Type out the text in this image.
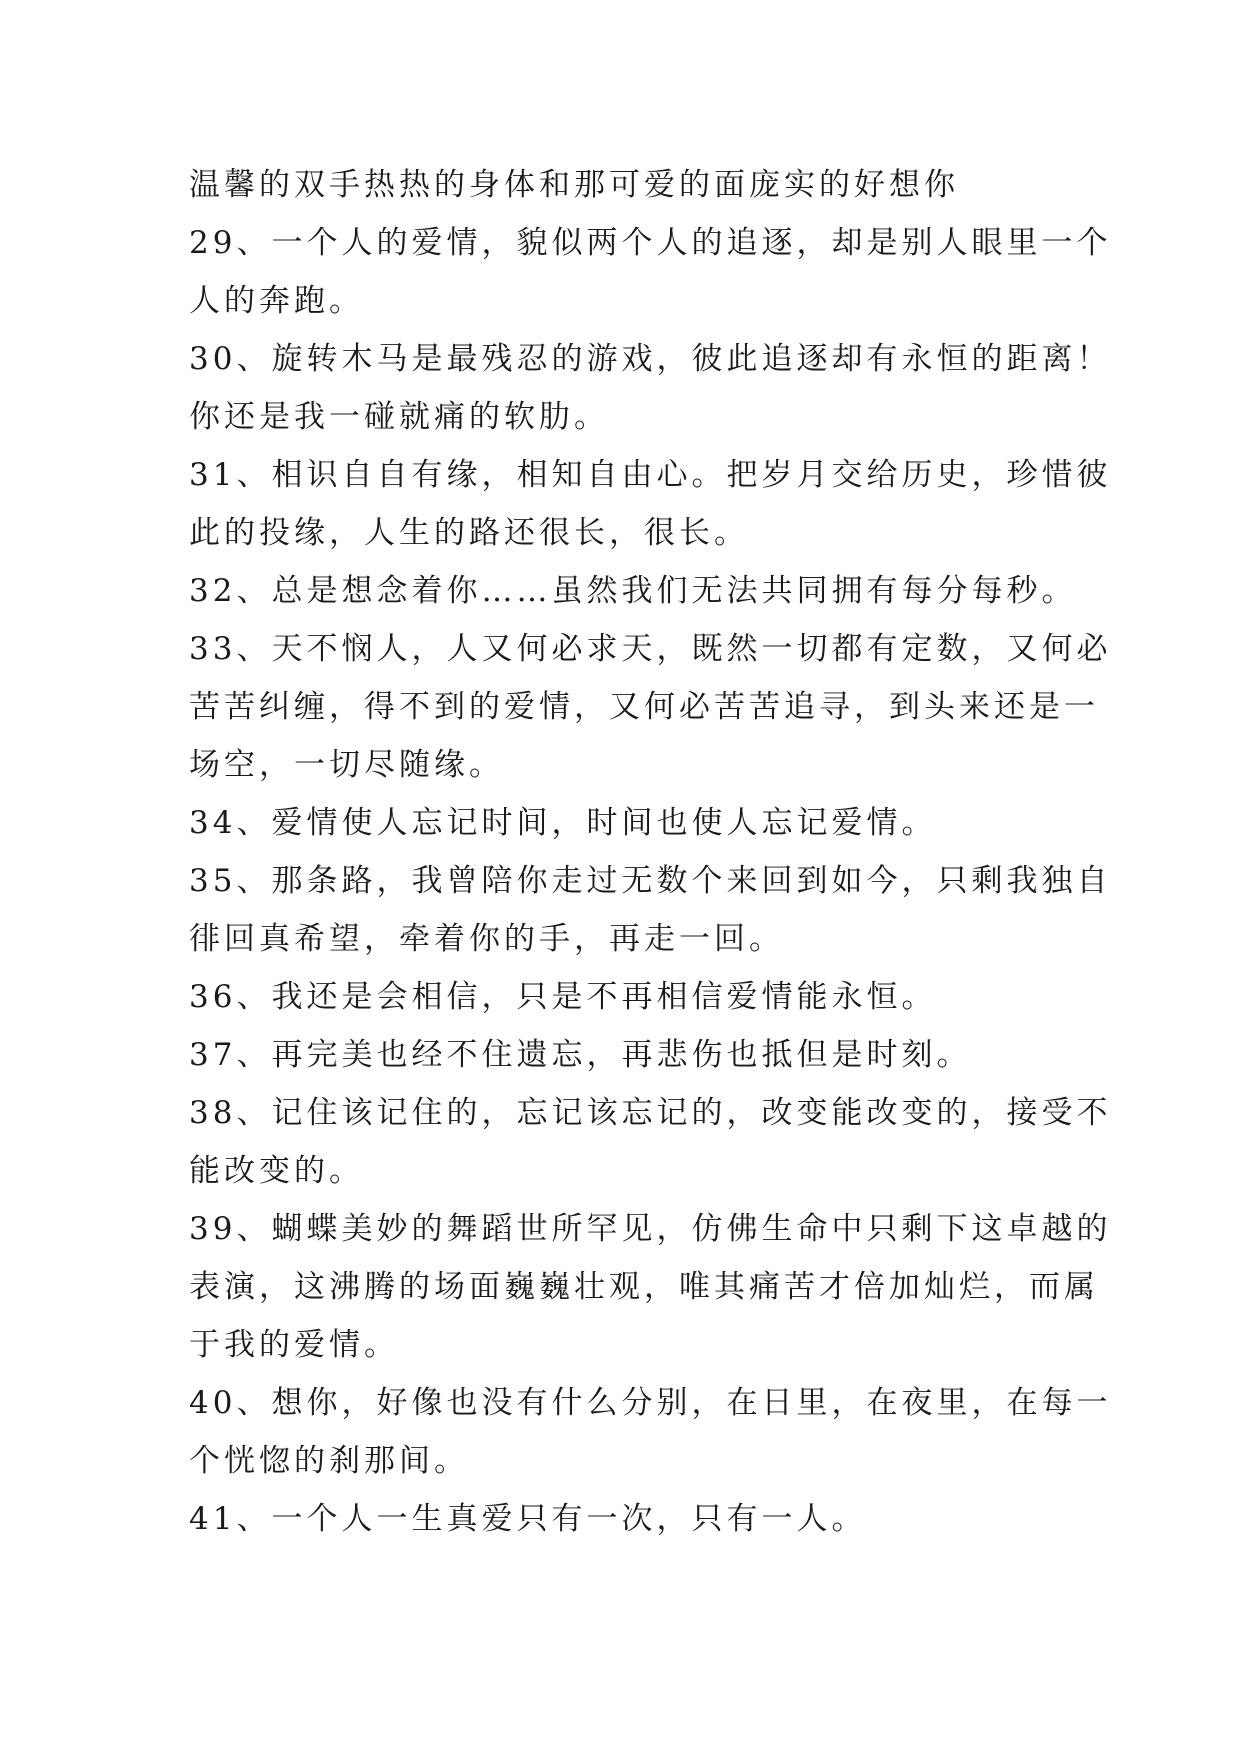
温馨的双手热热的身体和那可爱的面庞实的好想你
29、一个人的爱情，貌似两个人的追逐，却是别人眼里一个
人的奔跑。
30、旋转木马是最残忍的游戏，彼此追逐却有永恒的距离！
你还是我一碰就痛的软肋。
31、相识自自有缘，相知自由心。把岁月交给历史，珍惜彼
此的投缘，人生的路还很长，很长。
32、总是想念着你……虽然我们无法共同拥有每分每秒。
33、天不悯人，人又何必求天，既然一切都有定数，又何必
苦苦纠缠，得不到的爱情，又何必苦苦追寻，到头来还是一
场空，一切尽随缘。
34、爱情使人忘记时间，时间也使人忘记爱情。
35、那条路，我曾陪你走过无数个来回到如今，只剩我独自
徘回真希望，牵着你的手，再走一回。
36、我还是会相信，只是不再相信爱情能永恒。
37、再完美也经不住遗忘，再悲伤也抵但是时刻。
38、记住该记住的，忘记该忘记的，改变能改变的，接受不
能改变的。
39、蝴蝶美妙的舞蹈世所罕见，仿佛生命中只剩下这卓越的
表演，这沸腾的场面巍巍壮观，唯其痛苦才倍加灿烂，而属
于我的爱情。
40、想你，好像也没有什么分别，在日里，在夜里，在每一
个恍惚的刹那间。
41、一个人一生真爱只有一次，只有一人。
